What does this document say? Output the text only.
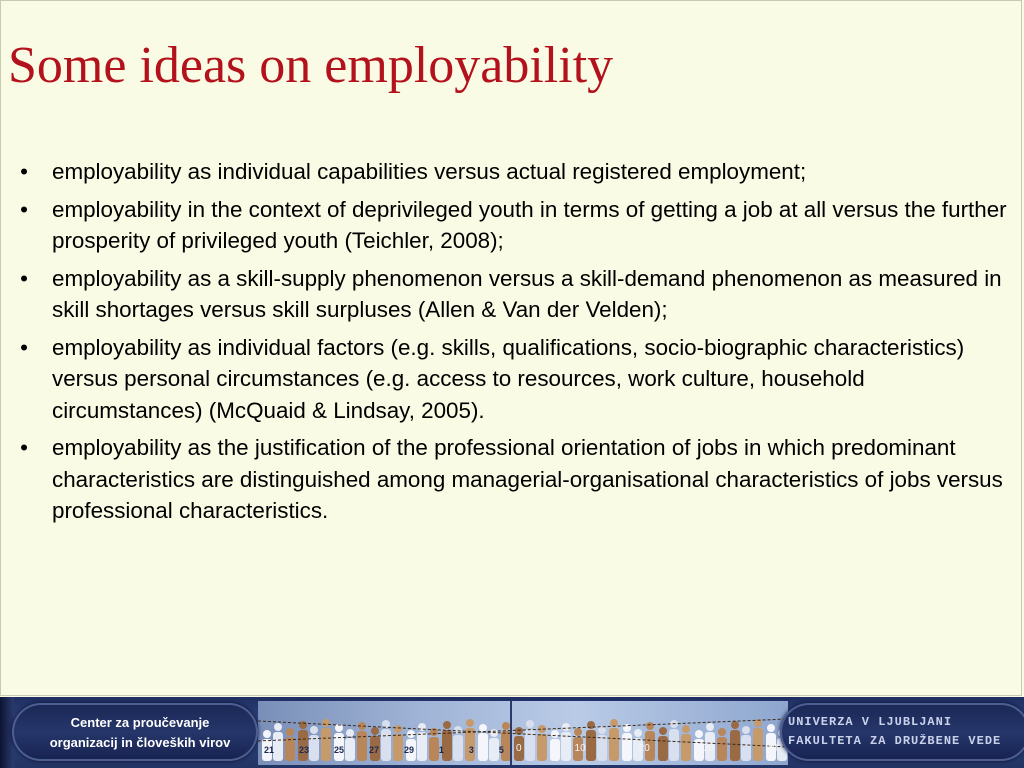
Some ideas on employability
• employability as individual capabilities versus actual registered employment;
• employability in the context of deprivileged youth in terms of getting a job at all versus the further prosperity of privileged youth (Teichler, 2008);
• employability as a skill-supply phenomenon versus a skill-demand phenomenon as measured in skill shortages versus skill surpluses (Allen & Van der Velden);
• employability as individual factors (e.g. skills, qualifications, socio-biographic characteristics) versus personal circumstances (e.g. access to resources, work culture, household circumstances) (McQuaid & Lindsay, 2005).
• employability as the justification of the professional orientation of jobs in which predominant characteristics are distinguished among managerial-organisational characteristics of jobs versus professional characteristics.
21	23	25	27	29	1	3	5 0	10	20	30	40
Center za proučevanje
organizacij in človeških virov
UNIVERZA V LJUBLJANI
FAKULTETA ZA DRUŽBENE VEDE
